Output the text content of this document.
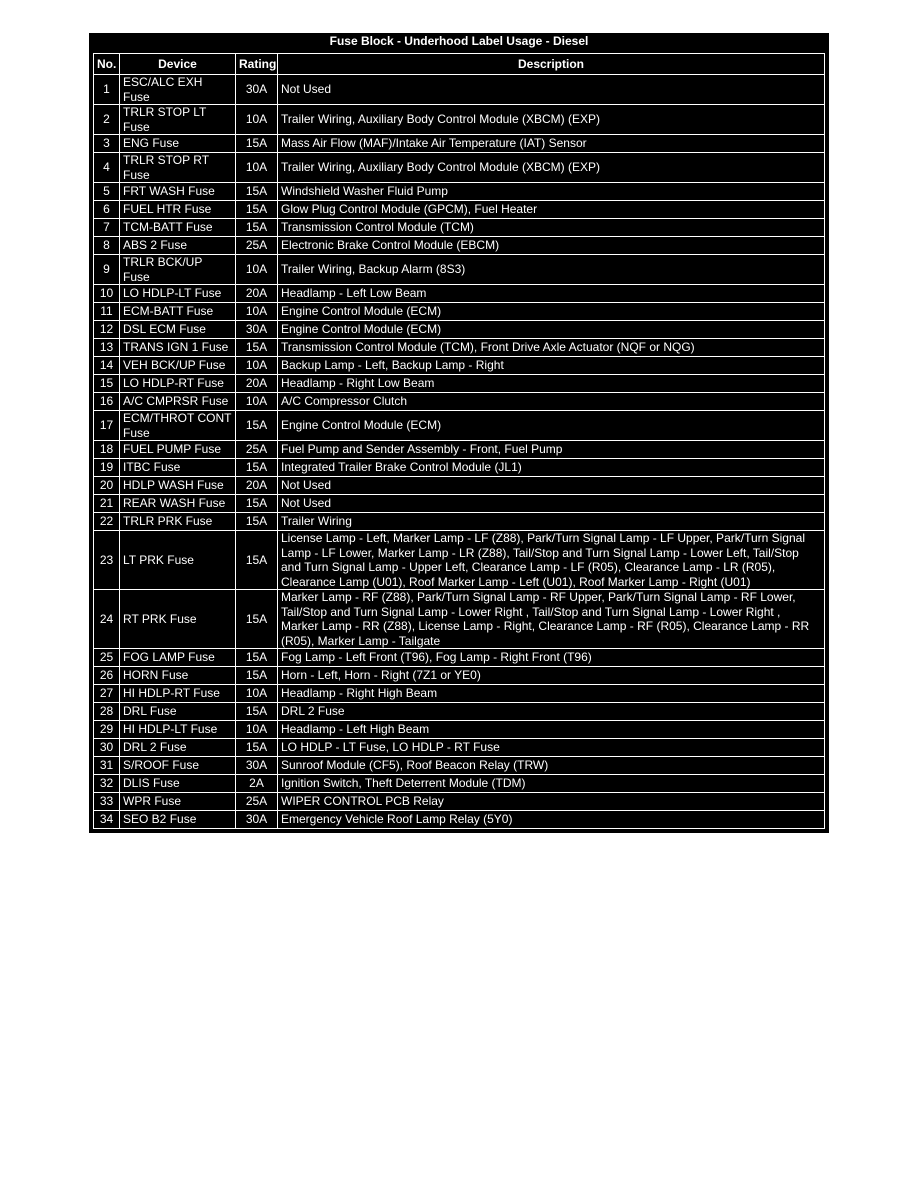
Fuse Block - Underhood Label Usage - Diesel
No.	Device	Rating	Description
1	ESC/ALC EXH Fuse	30A	Not Used
2	TRLR STOP LT Fuse	10A	Trailer Wiring, Auxiliary Body Control Module (XBCM) (EXP)
3	ENG Fuse	15A	Mass Air Flow (MAF)/Intake Air Temperature (IAT) Sensor
4	TRLR STOP RT Fuse	10A	Trailer Wiring, Auxiliary Body Control Module (XBCM) (EXP)
5	FRT WASH Fuse	15A	Windshield Washer Fluid Pump
6	FUEL HTR Fuse	15A	Glow Plug Control Module (GPCM), Fuel Heater
7	TCM-BATT Fuse	15A	Transmission Control Module (TCM)
8	ABS 2 Fuse	25A	Electronic Brake Control Module (EBCM)
9	TRLR BCK/UP Fuse	10A	Trailer Wiring, Backup Alarm (8S3)
10	LO HDLP-LT Fuse	20A	Headlamp - Left Low Beam
11	ECM-BATT Fuse	10A	Engine Control Module (ECM)
12	DSL ECM Fuse	30A	Engine Control Module (ECM)
13	TRANS IGN 1 Fuse	15A	Transmission Control Module (TCM), Front Drive Axle Actuator (NQF or NQG)
14	VEH BCK/UP Fuse	10A	Backup Lamp - Left, Backup Lamp - Right
15	LO HDLP-RT Fuse	20A	Headlamp - Right Low Beam
16	A/C CMPRSR Fuse	10A	A/C Compressor Clutch
17	ECM/THROT CONT Fuse	15A	Engine Control Module (ECM)
18	FUEL PUMP Fuse	25A	Fuel Pump and Sender Assembly - Front, Fuel Pump
19	ITBC Fuse	15A	Integrated Trailer Brake Control Module (JL1)
20	HDLP WASH Fuse	20A	Not Used
21	REAR WASH Fuse	15A	Not Used
22	TRLR PRK Fuse	15A	Trailer Wiring
23	LT PRK Fuse	15A	License Lamp - Left, Marker Lamp - LF (Z88), Park/Turn Signal Lamp - LF Upper, Park/Turn Signal Lamp - LF Lower, Marker Lamp - LR (Z88), Tail/Stop and Turn Signal Lamp - Lower Left, Tail/Stop and Turn Signal Lamp - Upper Left, Clearance Lamp - LF (R05), Clearance Lamp - LR (R05), Clearance Lamp (U01), Roof Marker Lamp - Left (U01), Roof Marker Lamp - Right (U01)
24	RT PRK Fuse	15A	Marker Lamp - RF (Z88), Park/Turn Signal Lamp - RF Upper, Park/Turn Signal Lamp - RF Lower, Tail/Stop and Turn Signal Lamp - Lower Right , Tail/Stop and Turn Signal Lamp - Lower Right , Marker Lamp - RR (Z88), License Lamp - Right, Clearance Lamp - RF (R05), Clearance Lamp - RR (R05), Marker Lamp - Tailgate
25	FOG LAMP Fuse	15A	Fog Lamp - Left Front (T96), Fog Lamp - Right Front (T96)
26	HORN Fuse	15A	Horn - Left, Horn - Right (7Z1 or YE0)
27	HI HDLP-RT Fuse	10A	Headlamp - Right High Beam
28	DRL Fuse	15A	DRL 2 Fuse
29	HI HDLP-LT Fuse	10A	Headlamp - Left High Beam
30	DRL 2 Fuse	15A	LO HDLP - LT Fuse, LO HDLP - RT Fuse
31	S/ROOF Fuse	30A	Sunroof Module (CF5), Roof Beacon Relay (TRW)
32	DLIS Fuse	2A	Ignition Switch, Theft Deterrent Module (TDM)
33	WPR Fuse	25A	WIPER CONTROL PCB Relay
34	SEO B2 Fuse	30A	Emergency Vehicle Roof Lamp Relay (5Y0)
